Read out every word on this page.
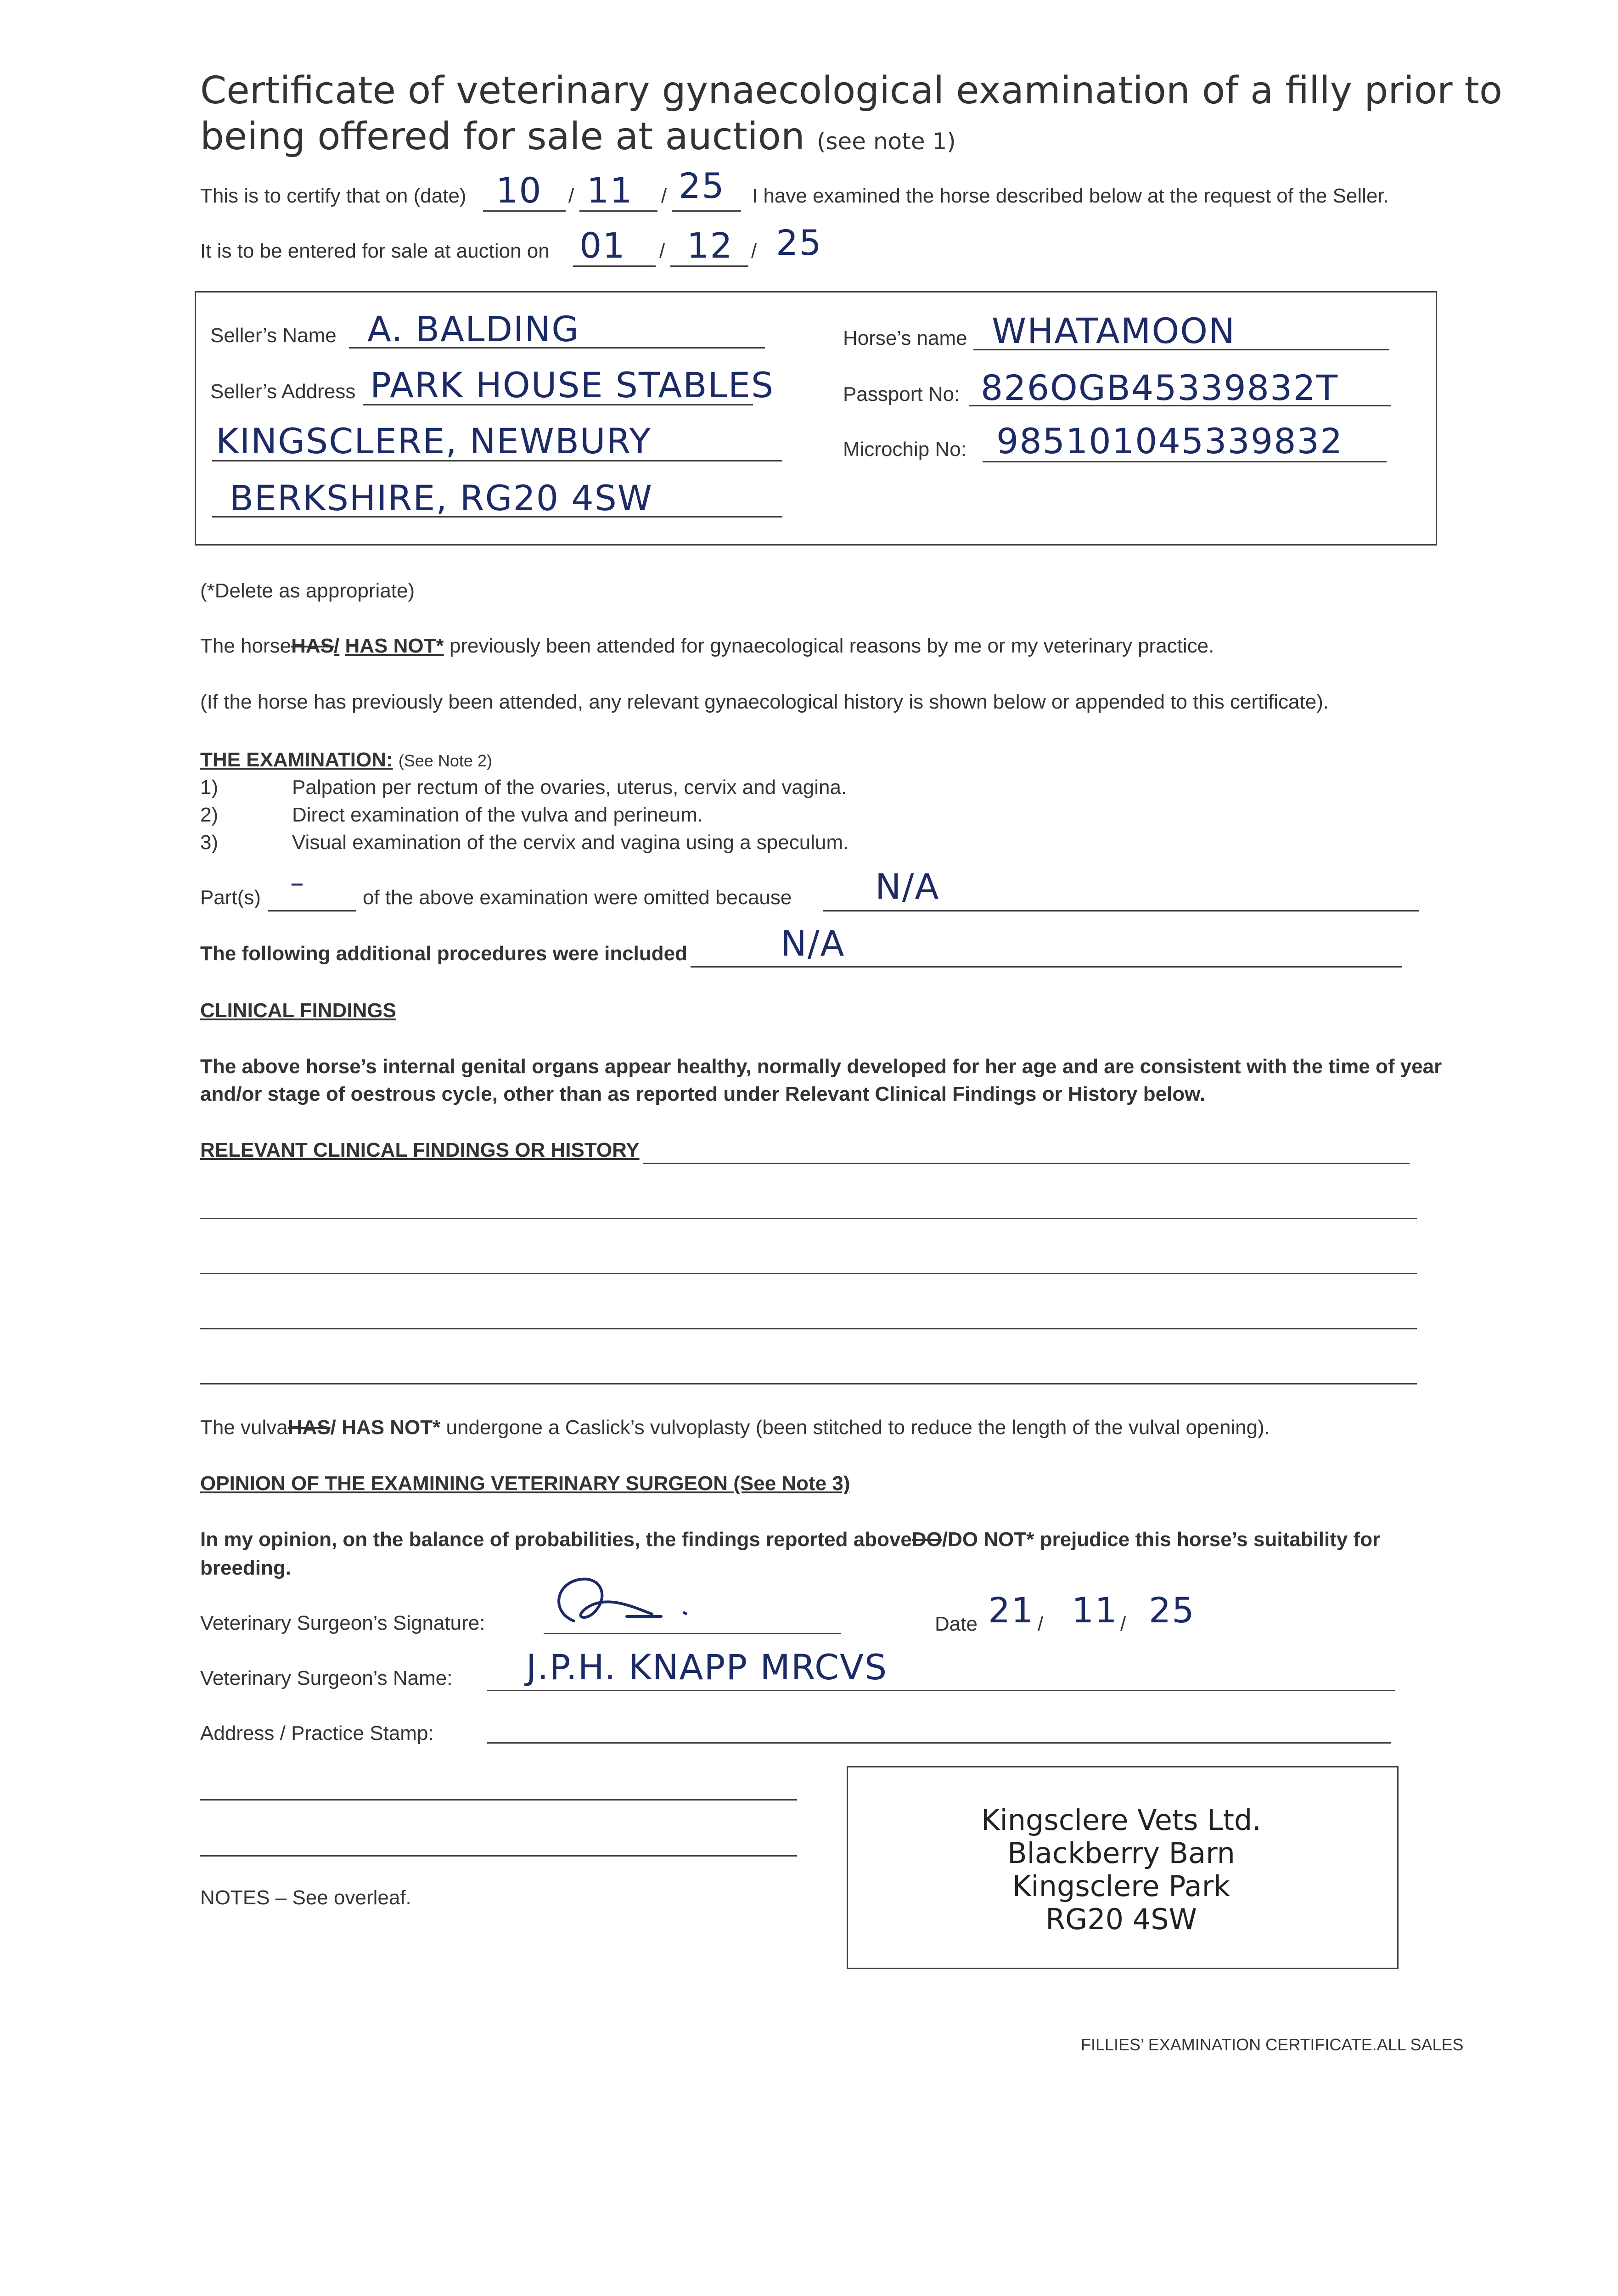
Certificate of veterinary gynaecological examination of a filly prior to
being offered for sale at auction (see note 1)
This is to certify that on (date) 10 / 11 / 25 I have examined the horse described below at the request of the Seller.
It is to be entered for sale at auction on 01 / 12 / 25
Seller’s Name A. BALDING
Seller’s Address PARK HOUSE STABLES
KINGSCLERE, NEWBURY
BERKSHIRE, RG20 4SW
Horse’s name WHATAMOON
Passport No: 826OGB45339832T
Microchip No: 985101045339832
(*Delete as appropriate)
The horseHAS/ HAS NOT* previously been attended for gynaecological reasons by me or my veterinary practice.
(If the horse has previously been attended, any relevant gynaecological history is shown below or appended to this certificate).
THE EXAMINATION: (See Note 2)
1)	Palpation per rectum of the ovaries, uterus, cervix and vagina.
2)	Direct examination of the vulva and perineum.
3)	Visual examination of the cervix and vagina using a speculum.
Part(s) –	of the above examination were omitted because N/A
The following additional procedures were included	N/A
CLINICAL FINDINGS
The above horse’s internal genital organs appear healthy, normally developed for her age and are consistent with the time of year
and/or stage of oestrous cycle, other than as reported under Relevant Clinical Findings or History below.
RELEVANT CLINICAL FINDINGS OR HISTORY
The vulvaHAS/ HAS NOT* undergone a Caslick’s vulvoplasty (been stitched to reduce the length of the vulval opening).
OPINION OF THE EXAMINING VETERINARY SURGEON (See Note 3)
In my opinion, on the balance of probabilities, the findings reported aboveDO/DO NOT* prejudice this horse’s suitability for
breeding.
Veterinary Surgeon’s Signature:	Date 21 / 11 / 25
Veterinary Surgeon’s Name: J.P.H. KNAPP MRCVS
Address / Practice Stamp:
Kingsclere Vets Ltd.
Blackberry Barn
Kingsclere Park
RG20 4SW
NOTES – See overleaf.
FILLIES’ EXAMINATION CERTIFICATE.ALL SALES
